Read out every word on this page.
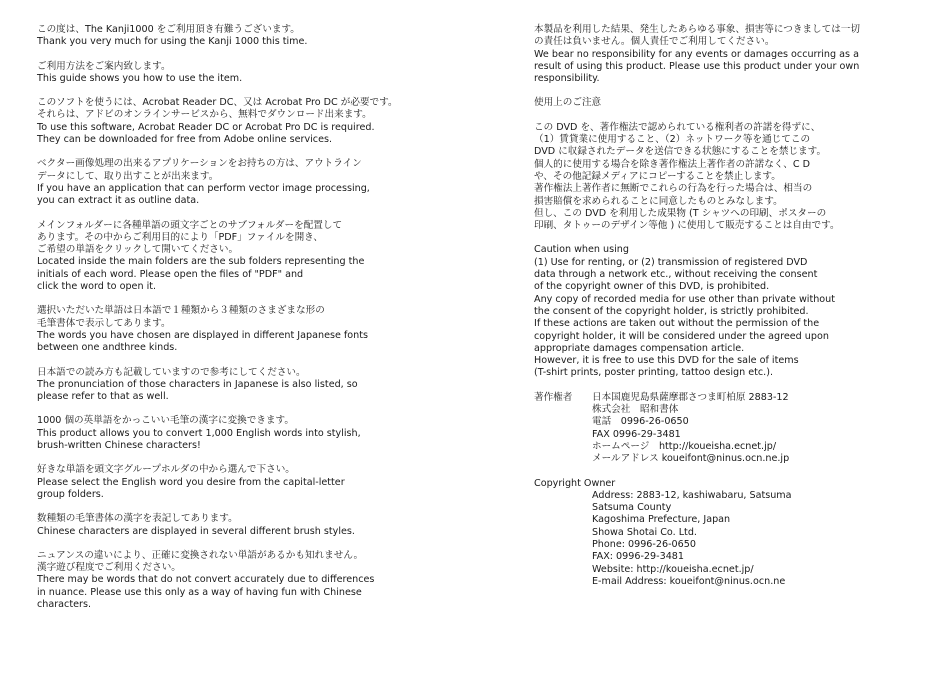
この度は、The Kanji1000 をご利用頂き有難うございます。
Thank you very much for using the Kanji 1000 this time.
ご利用方法をご案内致します。
This guide shows you how to use the item.
このソフトを使うには、Acrobat Reader DC、又は Acrobat Pro DC が必要です。
それらは、アドビのオンラインサービスから、無料でダウンロード出来ます。
To use this software, Acrobat Reader DC or Acrobat Pro DC is required.
They can be downloaded for free from Adobe online services.
ベクター画像処理の出来るアプリケーションをお持ちの方は、アウトライン
データにして、取り出すことが出来ます。
If you have an application that can perform vector image processing,
you can extract it as outline data.
メインフォルダーに各種単語の頭文字ごとのサブフォルダーを配置して
あります。その中からご利用目的により「PDF」ファイルを開き、
ご希望の単語をクリックして開いてください。
Located inside the main folders are the sub folders representing the
initials of each word. Please open the files of "PDF" and
click the word to open it.
選択いただいた単語は日本語で１種類から３種類のさまざまな形の
毛筆書体で表示してあります。
The words you have chosen are displayed in different Japanese fonts
between one andthree kinds.
日本語での読み方も記載していますので参考にしてください。
The pronunciation of those characters in Japanese is also listed, so
please refer to that as well.
1000 個の英単語をかっこいい毛筆の漢字に変換できます。
This product allows you to convert 1,000 English words into stylish,
brush-written Chinese characters!
好きな単語を頭文字グループホルダの中から選んで下さい。
Please select the English word you desire from the capital-letter
group folders.
数種類の毛筆書体の漢字を表記してあります。
Chinese characters are displayed in several different brush styles.
ニュアンスの違いにより、正確に変換されない単語があるかも知れません。
漢字遊び程度でご利用ください。
There may be words that do not convert accurately due to differences
in nuance. Please use this only as a way of having fun with Chinese
characters.
本製品を利用した結果、発生したあらゆる事象、損害等につきましては一切
の責任は負いません。個人責任でご利用してください。
We bear no responsibility for any events or damages occurring as a
result of using this product. Please use this product under your own
responsibility.
使用上のご注意
この DVD を、著作権法で認められている権利者の許諾を得ずに、
（1）賃貸業に使用すること、（2）ネットワーク等を通じてこの
DVD に収録されたデータを送信できる状態にすることを禁じます。
個人的に使用する場合を除き著作権法上著作者の許諾なく、C D
や、その他記録メディアにコピーすることを禁止します。
著作権法上著作者に無断でこれらの行為を行った場合は、相当の
損害賠償を求められることに同意したものとみなします。
但し、この DVD を利用した成果物 (T シャツへの印刷、ポスターの
印刷、タトゥーのデザイン等他 ) に使用して販売することは自由です。
Caution when using
(1) Use for renting, or (2) transmission of registered DVD
data through a network etc., without receiving the consent
of the copyright owner of this DVD, is prohibited.
Any copy of recorded media for use other than private without
the consent of the copyright holder, is strictly prohibited.
If these actions are taken out without the permission of the
copyright holder, it will be considered under the agreed upon
appropriate damages compensation article.
However, it is free to use this DVD for the sale of items
(T-shirt prints, poster printing, tattoo design etc.).
著作権者	日本国鹿児島県薩摩郡さつま町柏原 2883-12
株式会社　昭和書体
電話　0996-26-0650
FAX 0996-29-3481
ホームページ　http://koueisha.ecnet.jp/
メールアドレス koueifont@ninus.ocn.ne.jp
Copyright Owner
Address: 2883-12, kashiwabaru, Satsuma
Satsuma County
Kagoshima Prefecture, Japan
Showa Shotai Co. Ltd.
Phone: 0996-26-0650
FAX: 0996-29-3481
Website: http://koueisha.ecnet.jp/
E-mail Address: koueifont@ninus.ocn.ne
